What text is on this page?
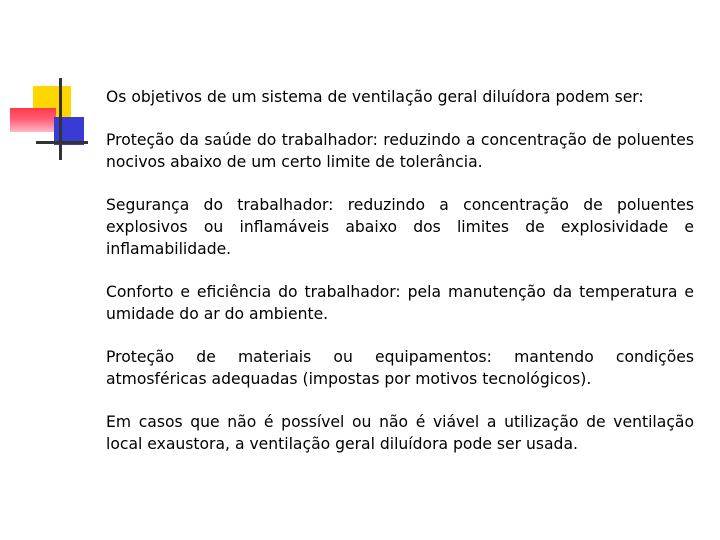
Os objetivos de um sistema de ventilação geral diluídora podem ser:

Proteção da saúde do trabalhador: reduzindo a concentração de poluentes nocivos abaixo de um certo limite de tolerância.

Segurança do trabalhador: reduzindo a concentração de poluentes explosivos ou inflamáveis abaixo dos limites de explosividade e inflamabilidade.

Conforto e eficiência do trabalhador: pela manutenção da temperatura e umidade do ar do ambiente.

Proteção de materiais ou equipamentos: mantendo condições atmosféricas adequadas (impostas por motivos tecnológicos).

Em casos que não é possível ou não é viável a utilização de ventilação local exaustora, a ventilação geral diluídora pode ser usada.
